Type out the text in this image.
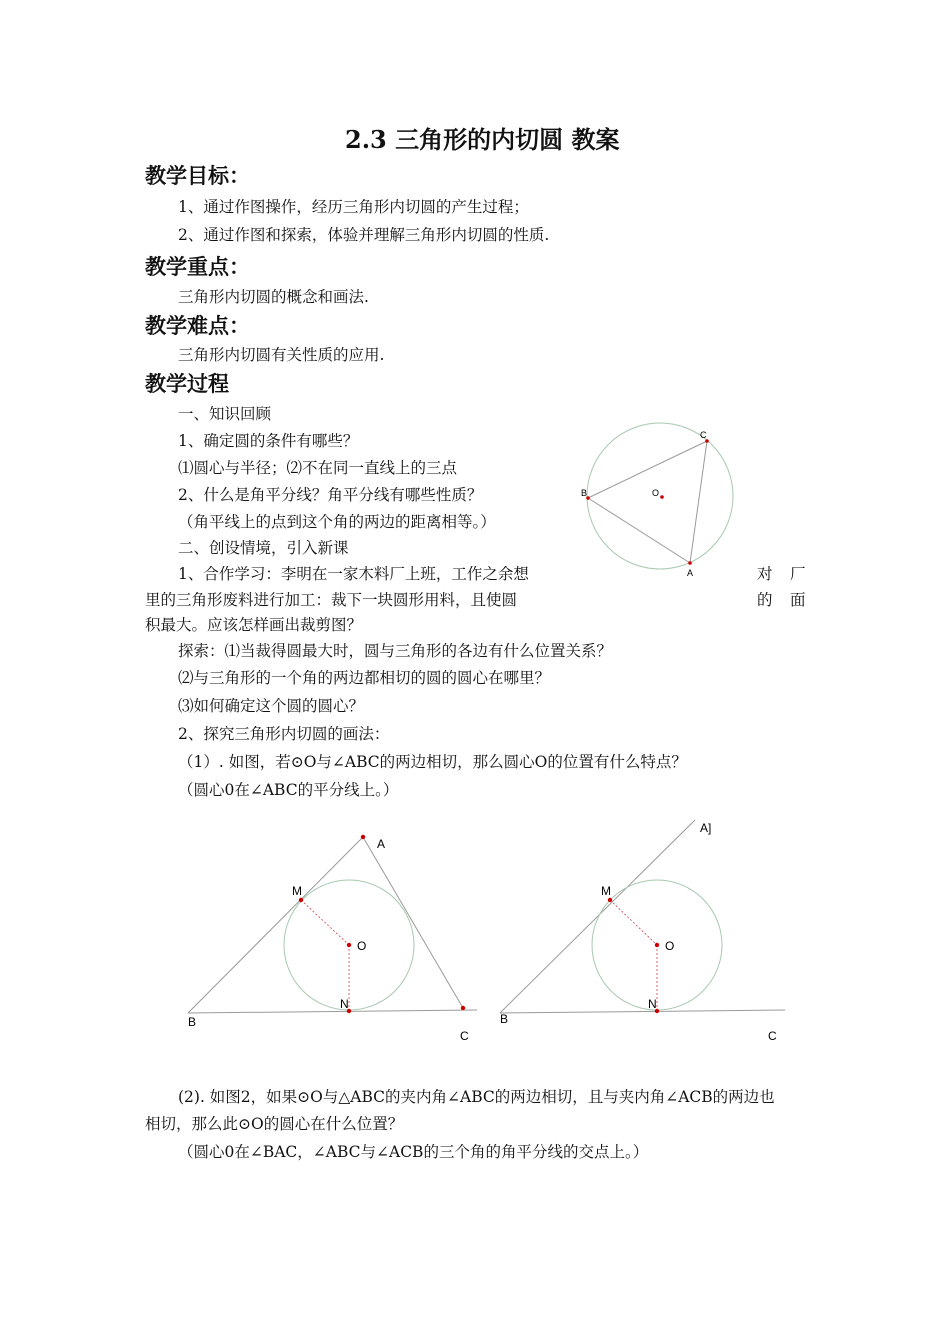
2.3 三角形的内切圆 教案
教学目标：
1、通过作图操作，经历三角形内切圆的产生过程；
2、通过作图和探索，体验并理解三角形内切圆的性质.
教学重点：
三角形内切圆的概念和画法.
教学难点：
三角形内切圆有关性质的应用.
教学过程
一、知识回顾
1、确定圆的条件有哪些？
⑴圆心与半径；⑵不在同一直线上的三点
2、什么是角平分线？角平分线有哪些性质？
（角平线上的点到这个角的两边的距离相等。）
二、创设情境，引入新课
1、合作学习：李明在一家木料厂上班，工作之余想	对 厂
里的三角形废料进行加工：裁下一块圆形用料，且使圆	的 面
积最大。应该怎样画出裁剪图？
探索：⑴当裁得圆最大时，圆与三角形的各边有什么位置关系？
⑵与三角形的一个角的两边都相切的圆的圆心在哪里？
⑶如何确定这个圆的圆心？
2、探究三角形内切圆的画法：
（1）. 如图，若⊙O与∠ABC的两边相切，那么圆心O的位置有什么特点？
（圆心0在∠ABC的平分线上。）
(2). 如图2，如果⊙O与△ABC的夹内角∠ABC的两边相切，且与夹内角∠ACB的两边也
相切，那么此⊙O的圆心在什么位置？
（圆心0在∠BAC，∠ABC与∠ACB的三个角的角平分线的交点上。）
C
B
A
O
A
M
O
N
B
C
A]
M
O
N
B
C
